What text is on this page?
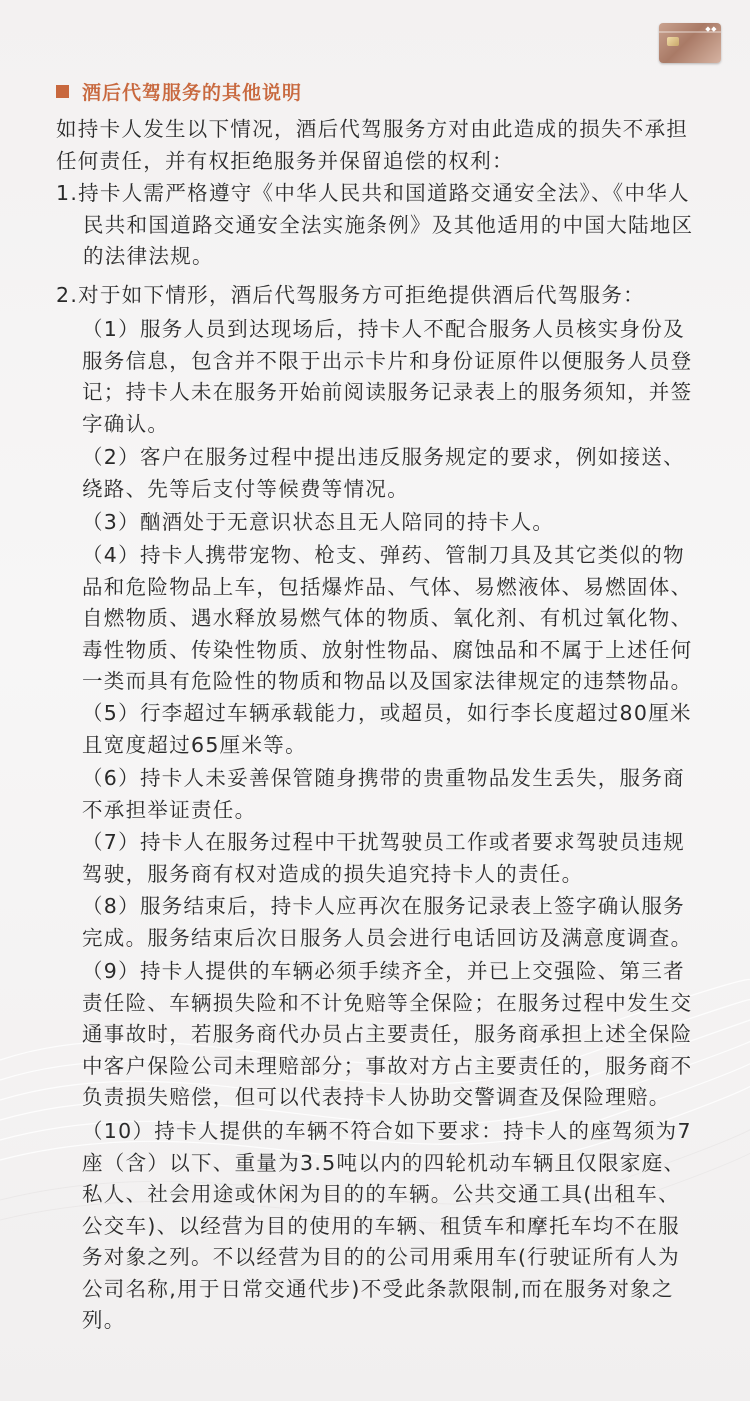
◆◆
酒后代驾服务的其他说明
如持卡人发生以下情况，酒后代驾服务方对由此造成的损失不承担任何责任，并有权拒绝服务并保留追偿的权利：
1.持卡人需严格遵守《中华人民共和国道路交通安全法》、《中华人民共和国道路交通安全法实施条例》及其他适用的中国大陆地区的法律法规。
2.对于如下情形，酒后代驾服务方可拒绝提供酒后代驾服务：
（1）服务人员到达现场后，持卡人不配合服务人员核实身份及服务信息，包含并不限于出示卡片和身份证原件以便服务人员登记；持卡人未在服务开始前阅读服务记录表上的服务须知，并签字确认。
（2）客户在服务过程中提出违反服务规定的要求，例如接送、绕路、先等后支付等候费等情况。
（3）酗酒处于无意识状态且无人陪同的持卡人。
（4）持卡人携带宠物、枪支、弹药、管制刀具及其它类似的物品和危险物品上车，包括爆炸品、气体、易燃液体、易燃固体、自燃物质、遇水释放易燃气体的物质、氧化剂、有机过氧化物、毒性物质、传染性物质、放射性物品、腐蚀品和不属于上述任何一类而具有危险性的物质和物品以及国家法律规定的违禁物品。
（5）行李超过车辆承载能力，或超员，如行李长度超过80厘米且宽度超过65厘米等。
（6）持卡人未妥善保管随身携带的贵重物品发生丢失，服务商不承担举证责任。
（7）持卡人在服务过程中干扰驾驶员工作或者要求驾驶员违规驾驶，服务商有权对造成的损失追究持卡人的责任。
（8）服务结束后，持卡人应再次在服务记录表上签字确认服务完成。服务结束后次日服务人员会进行电话回访及满意度调查。
（9）持卡人提供的车辆必须手续齐全，并已上交强险、第三者责任险、车辆损失险和不计免赔等全保险；在服务过程中发生交通事故时，若服务商代办员占主要责任，服务商承担上述全保险中客户保险公司未理赔部分；事故对方占主要责任的，服务商不负责损失赔偿，但可以代表持卡人协助交警调查及保险理赔。
（10）持卡人提供的车辆不符合如下要求：持卡人的座驾须为7座（含）以下、重量为3.5吨以内的四轮机动车辆且仅限家庭、私人、社会用途或休闲为目的的车辆。公共交通工具(出租车、公交车)、以经营为目的使用的车辆、租赁车和摩托车均不在服务对象之列。不以经营为目的的公司用乘用车(行驶证所有人为公司名称,用于日常交通代步)不受此条款限制,而在服务对象之列。
